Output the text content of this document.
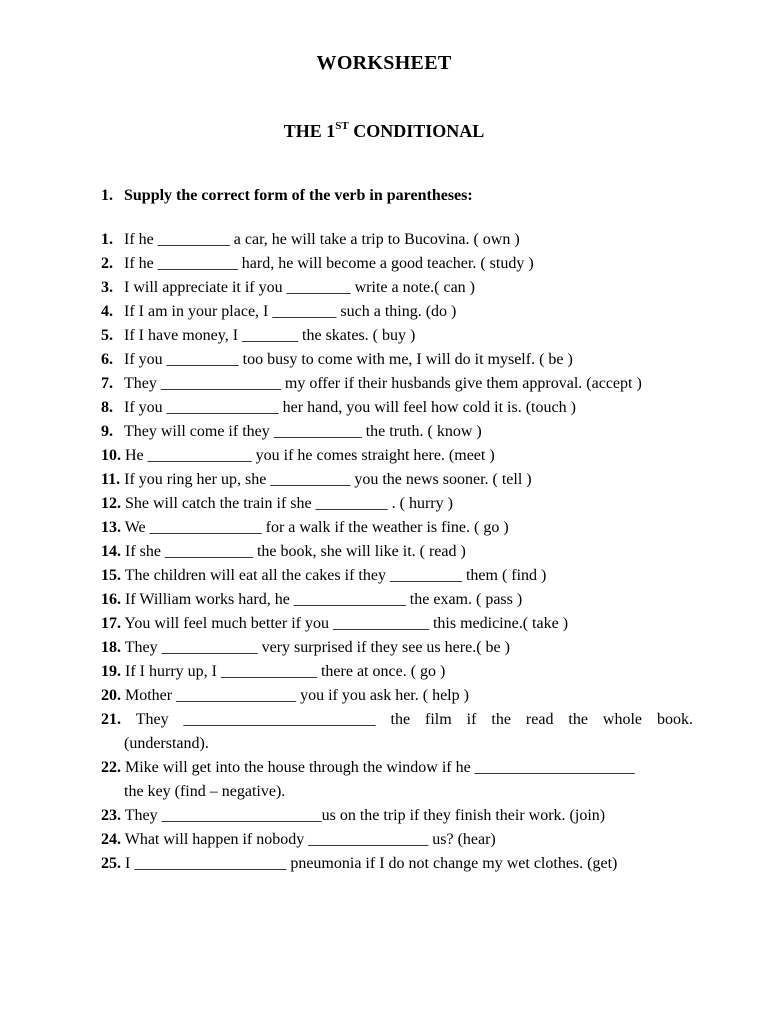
WORKSHEET
THE 1ST CONDITIONAL
1. Supply the correct form of the verb in parentheses:
1. If he _________ a car, he will take a trip to Bucovina. ( own )
2. If he __________ hard, he will become a good teacher. ( study )
3. I will appreciate it if you ________ write a note.( can )
4. If I am in your place, I ________ such a thing. (do )
5. If I have money, I _______ the skates. ( buy )
6. If you _________ too busy to come with me, I will do it myself. ( be )
7. They _______________ my offer if their husbands give them approval. (accept )
8. If you ______________ her hand, you will feel how cold it is. (touch )
9. They will come if they ___________ the truth. ( know )
10. He _____________ you if he comes straight here. (meet )
11. If you ring her up, she __________ you the news sooner. ( tell )
12. She will catch the train if she _________ . ( hurry )
13. We ______________ for a walk if the weather is fine. ( go )
14. If she ___________ the book, she will like it. ( read )
15. The children will eat all the cakes if they _________ them ( find )
16. If William works hard, he ______________ the exam. ( pass )
17. You will feel much better if you ____________ this medicine.( take )
18. They ____________ very surprised if they see us here.( be )
19. If I hurry up, I ____________ there at once. ( go )
20. Mother _______________ you if you ask her. ( help )
21. They ________________________ the film if the read the whole book.
(understand).
22. Mike will get into the house through the window if he ____________________
the key (find – negative).
23. They ____________________us on the trip if they finish their work. (join)
24. What will happen if nobody _______________ us? (hear)
25. I ___________________ pneumonia if I do not change my wet clothes. (get)
